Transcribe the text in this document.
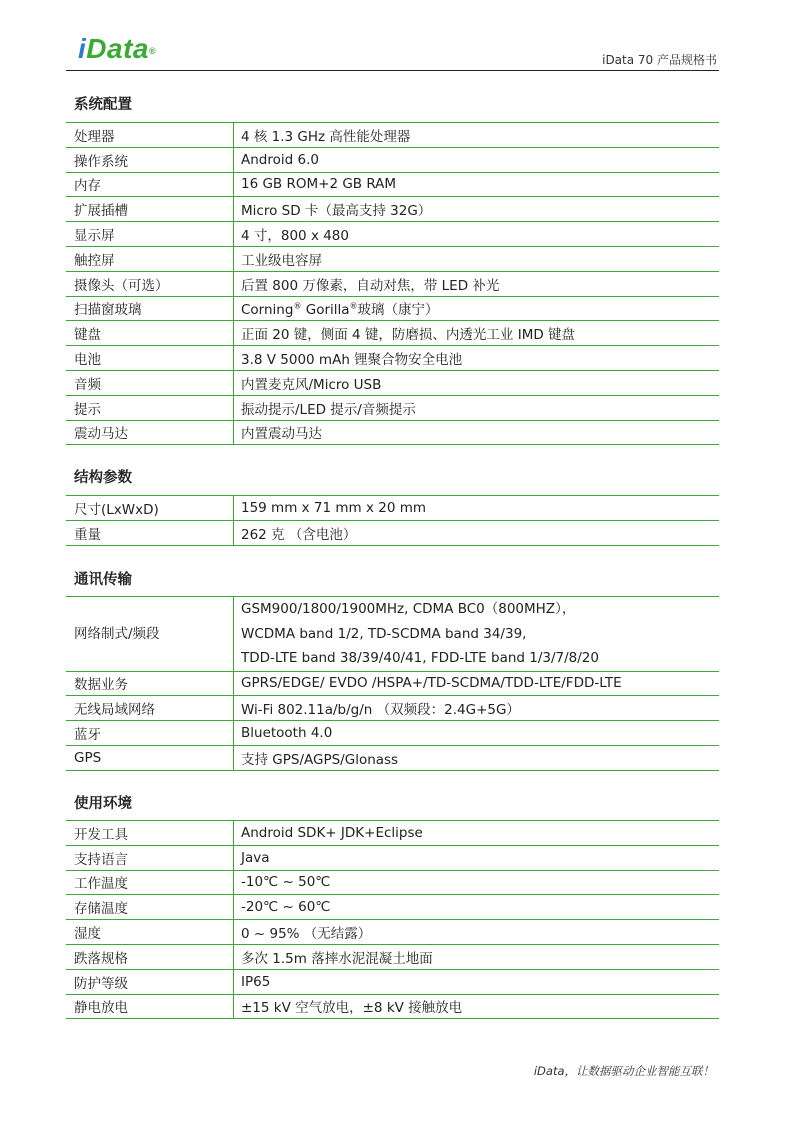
iData®
iData 70 产品规格书
系统配置
处理器	4 核 1.3 GHz 高性能处理器
操作系统	Android 6.0
内存	16 GB ROM+2 GB RAM
扩展插槽	Micro SD 卡（最高支持 32G）
显示屏	4 寸，800 x 480
触控屏	工业级电容屏
摄像头（可选）	后置 800 万像素，自动对焦，带 LED 补光
扫描窗玻璃	Corning® Gorilla®玻璃（康宁）
键盘	正面 20 键，侧面 4 键，防磨损、内透光工业 IMD 键盘
电池	3.8 V 5000 mAh 锂聚合物安全电池
音频	内置麦克风/Micro USB
提示	振动提示/LED 提示/音频提示
震动马达	内置震动马达
结构参数
尺寸(LxWxD)	159 mm x 71 mm x 20 mm
重量	262 克 （含电池）
通讯传输
网络制式/频段	GSM900/1800/1900MHz, CDMA BC0（800MHZ），
WCDMA band 1/2, TD-SCDMA band 34/39,
TDD-LTE band 38/39/40/41, FDD-LTE band 1/3/7/8/20

数据业务	GPRS/EDGE/ EVDO /HSPA+/TD-SCDMA/TDD-LTE/FDD-LTE
无线局域网络	Wi-Fi 802.11a/b/g/n （双频段：2.4G+5G）
蓝牙	Bluetooth 4.0
GPS	支持 GPS/AGPS/Glonass
使用环境
开发工具	Android SDK+ JDK+Eclipse
支持语言	Java
工作温度	-10℃ ~ 50℃
存储温度	-20℃ ~ 60℃
湿度	0 ~ 95% （无结露）
跌落规格	多次 1.5m 落摔水泥混凝土地面
防护等级	IP65
静电放电	±15 kV 空气放电，±8 kV 接触放电
iData，让数据驱动企业智能互联！
